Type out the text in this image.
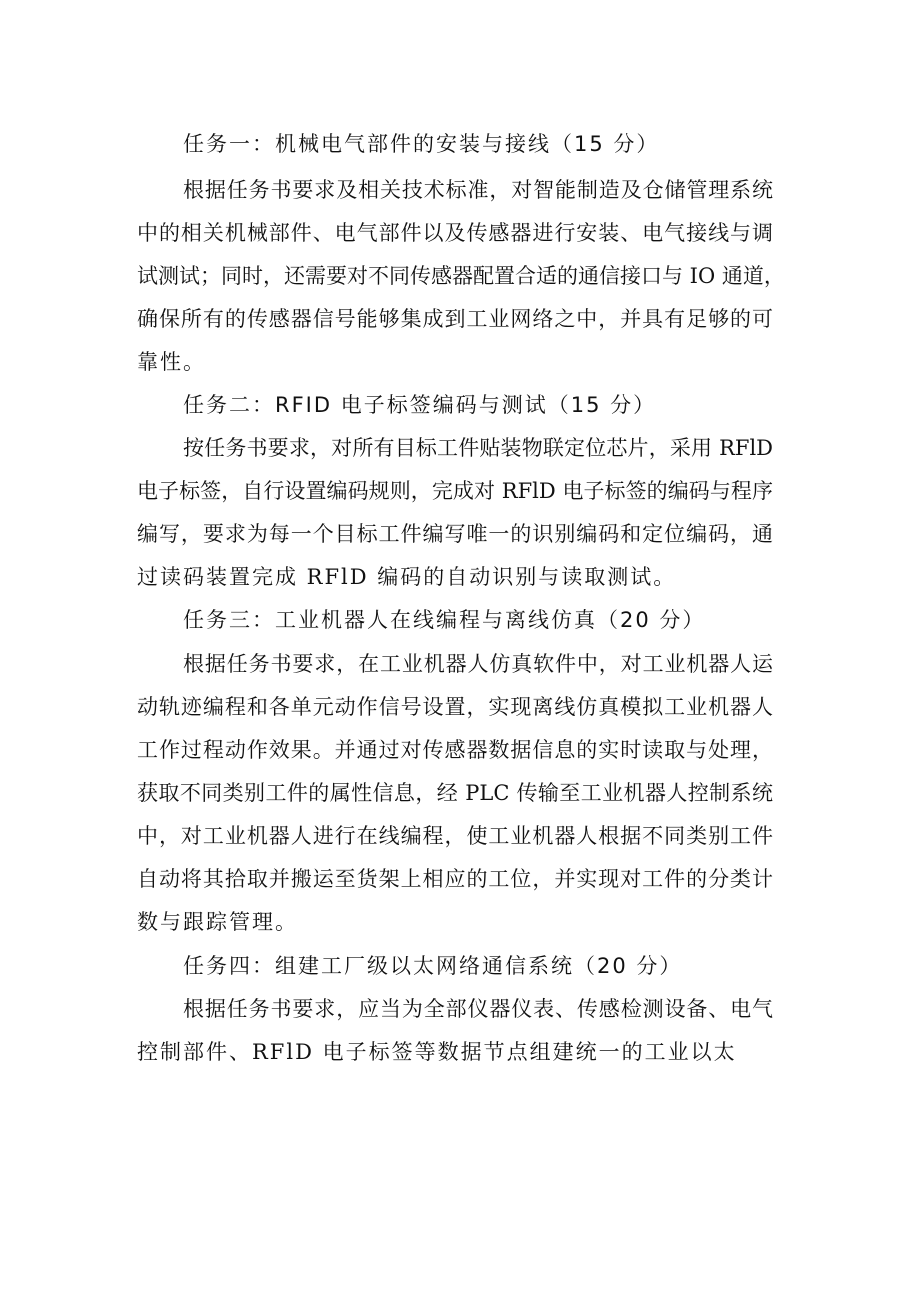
任务一：机械电气部件的安装与接线（15 分）
根据任务书要求及相关技术标准，对智能制造及仓储管理系统
中的相关机械部件、电气部件以及传感器进行安装、电气接线与调
试测试；同时，还需要对不同传感器配置合适的通信接口与 IO 通道，
确保所有的传感器信号能够集成到工业网络之中，并具有足够的可
靠性。
任务二：RFID 电子标签编码与测试（15 分）
按任务书要求，对所有目标工件贴装物联定位芯片，采用 RFlD
电子标签，自行设置编码规则，完成对 RFlD 电子标签的编码与程序
编写，要求为每一个目标工件编写唯一的识别编码和定位编码，通
过读码装置完成 RFlD 编码的自动识别与读取测试。
任务三：工业机器人在线编程与离线仿真（20 分）
根据任务书要求，在工业机器人仿真软件中，对工业机器人运
动轨迹编程和各单元动作信号设置，实现离线仿真模拟工业机器人
工作过程动作效果。并通过对传感器数据信息的实时读取与处理，
获取不同类别工件的属性信息，经 PLC 传输至工业机器人控制系统
中，对工业机器人进行在线编程，使工业机器人根据不同类别工件
自动将其拾取并搬运至货架上相应的工位，并实现对工件的分类计
数与跟踪管理。
任务四：组建工厂级以太网络通信系统（20 分）
根据任务书要求，应当为全部仪器仪表、传感检测设备、电气
控制部件、RFlD 电子标签等数据节点组建统一的工业以太
